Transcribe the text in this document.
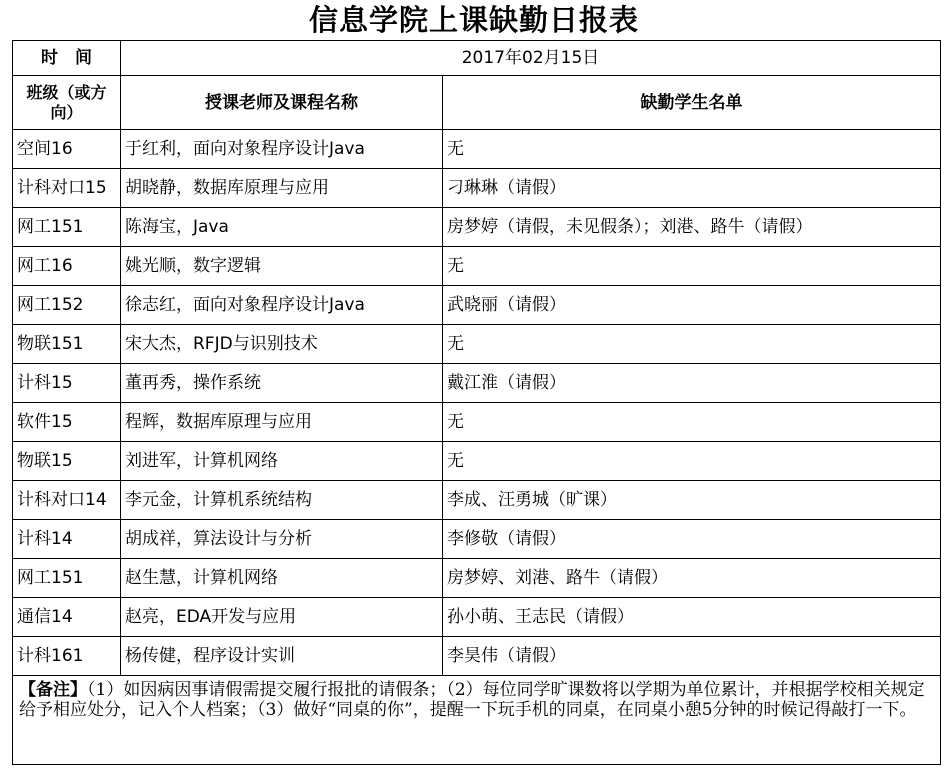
信息学院上课缺勤日报表
时　间	2017年02月15日	
班级（或方向）	授课老师及课程名称	缺勤学生名单
空间16	于红利，面向对象程序设计Java	无
计科对口15	胡晓静，数据库原理与应用	刁琳琳（请假）
网工151	陈海宝，Java	房梦婷（请假，未见假条）；刘港、路牛（请假）
网工16	姚光顺，数字逻辑	无
网工152	徐志红，面向对象程序设计Java	武晓丽（请假）
物联151	宋大杰，RFJD与识别技术	无
计科15	董再秀，操作系统	戴江淮（请假）
软件15	程辉，数据库原理与应用	无
物联15	刘进军，计算机网络	无
计科对口14	李元金，计算机系统结构	李成、汪勇城（旷课）
计科14	胡成祥，算法设计与分析	李修敬（请假）
网工151	赵生慧，计算机网络	房梦婷、刘港、路牛（请假）
通信14	赵亮，EDA开发与应用	孙小萌、王志民（请假）
计科161	杨传健，程序设计实训	李昊伟（请假）
【备注】（1）如因病因事请假需提交履行报批的请假条；（2）每位同学旷课数将以学期为单位累计，并根据学校相关规定给予相应处分，记入个人档案；（3）做好“同桌的你”，提醒一下玩手机的同桌，在同桌小憩5分钟的时候记得敲打一下。		
